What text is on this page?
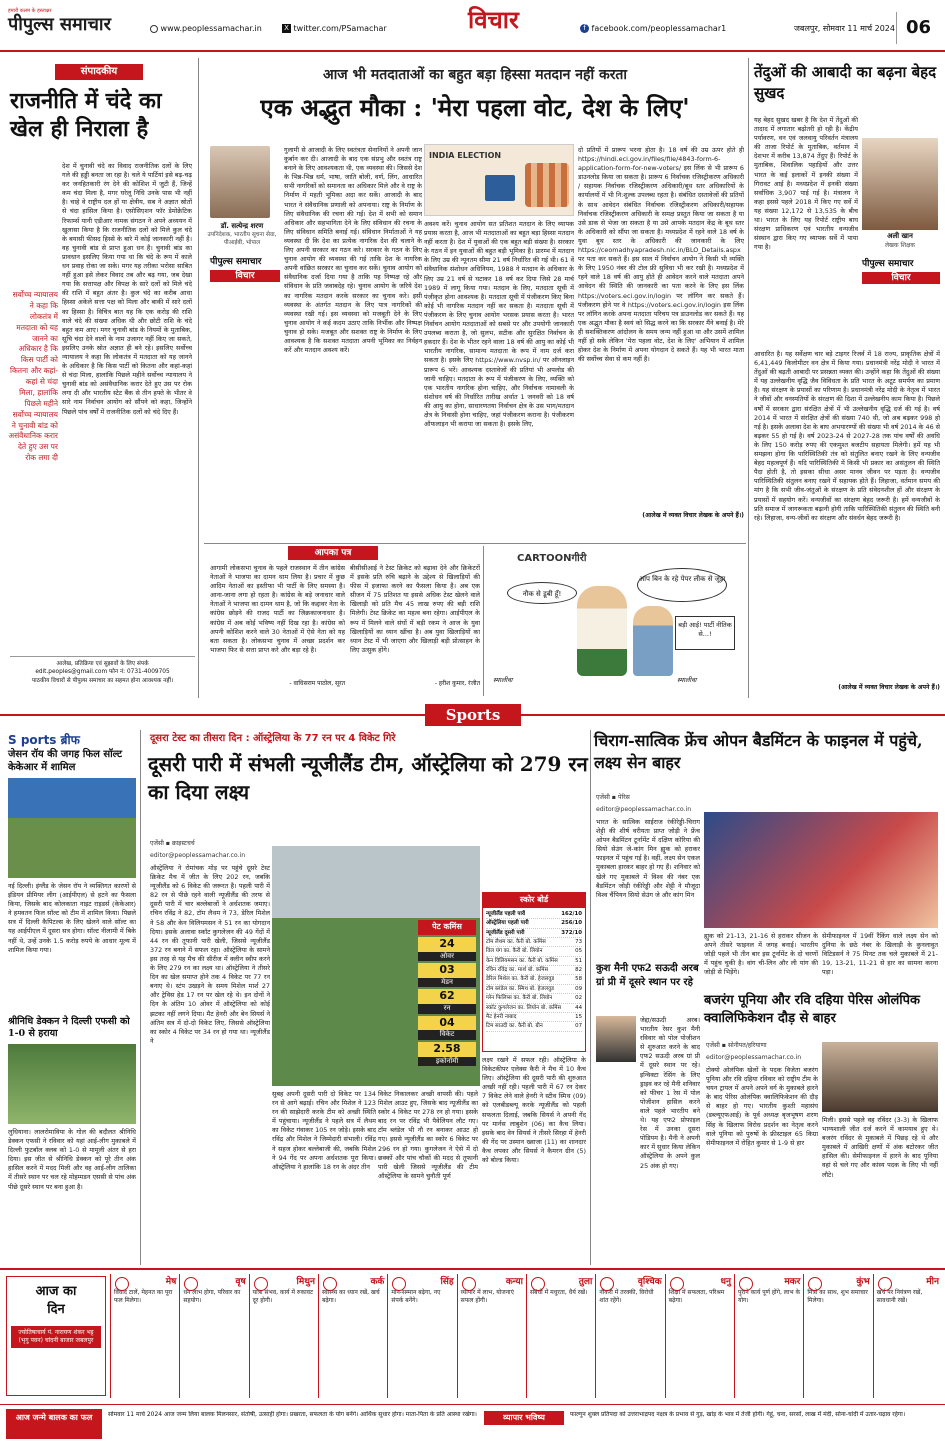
हमारी कलम के हस्ताक्षर
पीपुल्स समाचार	www.peoplessamachar.in	X twitter.com/PSamachar	विचार	f facebook.com/peoplessamachar1	जबलपुर, सोमवार 11 मार्च 2024 06
संपादकीय
राजनीति में चंदे का खेल ही निराला है
देश में चुनावी चंदे का विवाद राजनीतिक दलों के लिए गले की हड्डी बनता जा रहा है। चले ये पार्टियां इसे बढ़-चढ़ कर जनहितकारी रंग देने की कोशिश में जुटी हैं, जिन्हें कम चंदा मिला है, मगर घरेलू निधि उनके पास भी नहीं है। चाहे वे राष्ट्रीय दल हों या क्षेत्रीय, सब ने अज्ञात स्रोतों से चंदा हासिल किया है। एसोसिएशन फॉर डेमोक्रेटिक रिफार्म्स यानी एडीआर नामक संगठन ने अपने अध्ययन में खुलासा किया है कि राजनीतिक दलों को मिले कुल चंदे के बयासी फीसद हिस्से के बारे में कोई जानकारी नहीं है। वह चुनावी बांड से प्राप्त हुआ धन है। चुनावी बांड का प्रावधान इसलिए किया गया था कि चंदे के रूप में काले धन प्रवाह रोका जा सके। मगर यह तरीका भरोसा साबित नहीं हुआ इसे लेकर विवाद तब और बढ़ गया, जब देखा गया कि सत्तापक्ष और विपक्ष के सारे दलों को मिले चंदे की राशि में बहुत अंतर है। कुल चंदे का करीब आधा हिस्सा अकेले सत्ता पक्ष को मिला और बाकी में सारे दलों का हिस्सा है। विचित्र बात यह कि एक करोड़ की राशि वाले चंदे की संख्या अधिक थी और छोटी राशि के चंदे बहुत कम आए। मगर चुनावी बांड के नियमों के मुताबिक, सूचि चंदा देने वालों के नाम उजागर नहीं किए जा सकते, इसलिए उनके स्रोत अज्ञात ही बने रहे। इसलिए सर्वोच्च न्यायालय ने कहा कि लोकतंत्र में मतदाता को यह जानने के अधिकार है कि किस पार्टी को कितना और कहां-कहां से चंदा मिला, हालांकि पिछले महीने सर्वोच्च न्यायालय ने चुनावी बांड को असंवैधानिक करार देते हुए उस पर रोक लगा दी और भारतीय स्टेट बैंक से तीन हफ्ते के भीतर वे सारे नाम निर्वाचन आयोग को सौंपने को कहा, जिन्होंने पिछले पांच वर्षों में राजनीतिक दलों को चंदे दिए हैं।
सर्वोच्च न्यायालय ने कहा कि लोकतंत्र में मतदाता को यह जानने का अधिकार है कि किस पार्टी को कितना और कहां-कहां से चंदा मिला, हालांकि पिछले महीने सर्वोच्च न्यायालय ने चुनावी बांड को असंवैधानिक करार देते हुए उस पर रोक लगा दी
आलेख, प्रतिक्रिया एवं सुझावों के लिए संपर्क
edit.peoples@gmail.com फोन नं: 0731-4009705
पाठकीय विचारों से पीपुल्स समाचार का सहमत होना आवश्यक नहीं।
आज भी मतदाताओं का बहुत बड़ा हिस्सा मतदान नहीं करता
एक अद्भुत मौका : 'मेरा पहला वोट, देश के लिए'
डॉ. सत्येन्द्र शरण
उपनिदेशक, भारतीय सूचना सेवा, पीआईबी, भोपाल
पीपुल्स समाचार
विचार
गुलामी से आजादी के लिए स्वतंत्रता सेनानियों ने अपनी जान कुर्बान कर दी। आजादी के बाद एक संप्रभु और स्वतंत्र राष्ट्र बनाने के लिए आवश्यकता थी, एक व्यवस्था की। जिससे देश के भिन्न-भिन्न धर्म, भाषा, जाति बोली, वर्ण, लिंग, आधारित सभी नागरिकों को समानता का अधिकार मिले और वे राष्ट्र के निर्माण में महती भूमिका अदा कर सकें। आजादी के बाद भारत ने संवैधानिक प्रणाली को अपनाया। राष्ट्र के निर्माण के लिए संवैधानिक की रचना की गई। देश में सभी को समान अधिकार और सहभागिता देने के लिए संविधान की रचना के लिए संविधान समिति बनाई गई। संविधान निर्माताओं ने यह व्यवस्था दी कि देश का प्रत्येक नागरिक देश की चलाने के लिए अपनी सरकार का गठन करे। सरकार के गठन के लिए चुनाव आयोग की व्यवस्था की गई ताकि देश के नागरिक अपनी वांछित सरकार का चुनाव कर सकें। चुनाव आयोग को संवैधानिक दर्जा दिया गया है ताकि यह निष्पक्ष रहे और संविधान के प्रति जवाबदेह रहे। चुनाव आयोग के जरिये देश का नागरिक मतदान करके सरकार का चुनाव करे। इसी व्यवस्था के अंतर्गत मतदान के लिए पात्र नागरिकों की व्यवस्था रखी गई। इस व्यवस्था को मजबूती देने के लिए चुनाव आयोग ने कई कदम उठाए ताकि निर्भीक और निष्पक्ष चुनाव हो सके। मजबूत और सशक्त राष्ट्र के निर्माण के लिए आवश्यक है कि सशक्त मतदाता अपनी भूमिका का निर्वहन करें और मतदान अवश्य करें।
INDIA ELECTION
अवश्य करें। चुनाव आयोग सत प्रतिशत मतदान के लिए व्यापक प्रयास करता है, आज भी मतदाताओं का बहुत बड़ा हिस्सा मतदान नहीं करता है। देश में युवाओं की एक बहुत बड़ी संख्या है। सरकार के गठन में इन युवाओं की बहुत बड़ी भूमिका है। प्रारम्भ में मतदान के लिए उम्र की न्यूनतम सीमा 21 वर्ष निर्धारित की गई थी। 61 वें संवैधानिक संशोधन अधिनियम, 1988 ने मतदान के अधिकार के लिए उम्र 21 वर्ष से घटाकर 18 वर्ष कर दिया जिसे 28 मार्च 1989 में लागू किया गया। मतदान के लिए, मतदाता सूची में पंजीकृत होना आवश्यक है। मतदाता सूची में पंजीकरण किए बिना कोई भी नागरिक मतदान नहीं कर सकता है। मतदाता सूची में पंजीकरण के लिए चुनाव आयोग भरसक प्रयास करता है। भारत निर्वाचन आयोग मतदाताओं को सबसे पर और उपयोगी जानकारी उपलब्ध कराता है, जो सुलभ, सटीक और सुरक्षित निर्वाचन के हकदार हैं। देश के भीतर रहने वाला 18 वर्ष की आयु का कोई भी भारतीय नागरिक, सामान्य मतदाता के रूप में नाम दर्ज करा सकता है। इसके लिए https://www.nvsp.in/ पर ऑनलाइन प्रारूप 6 भरें। आवश्यक दस्तावेजों की प्रतियां भी अपलोड की जानी चाहिए। मतदाता के रूप में पंजीकरण के लिए, व्यक्ति को एक भारतीय नागरिक होना चाहिए, और निर्वाचक नामावली के संशोधन वर्ष की निर्धारित तारीख अर्थात 1 जनवरी को 18 वर्ष की आयु का होना, साधारणतया निर्वाचन क्षेत्र के उस भाग/मतदान क्षेत्र के निवासी होना चाहिए, जहां पंजीकरण कराना है। पंजीकरण ऑफलाइन भी कराया जा सकता है। इसके लिए,
दो प्रतियों में प्रारूप भरना होता है। 18 वर्ष की उम्र ऊपर होते ही https://hindi.eci.gov.in/files/file/4843-form-6-application-form-for-new-voters/ इस लिंक से भी प्रारूप 6 डाउनलोड किया जा सकता है। प्रारूप 6 निर्वाचक रजिस्ट्रीकरण अधिकारी / सहायक निर्वाचक रजिस्ट्रीकरण अधिकारी/बूथ स्तर अधिकारियों के कार्यालयों में भी नि:शुल्क उपलब्ध रहता है। संबंधित दस्तावेजों की प्रतियों के साथ आवेदन संबंधित निर्वाचक रजिस्ट्रीकरण अधिकारी/सहायक निर्वाचक रजिस्ट्रीकरण अधिकारी के समक्ष प्रस्तुत किया जा सकता है या उसे डाक से भेजा जा सकता है या उसे आपके मतदान केंद्र के बूथ स्तर के अधिकारी को सौंपा जा सकता है। मध्यप्रदेश में रहने वाले 18 वर्ष के युवा बूथ स्तर के अधिकारी की जानकारी के लिए https://ceomadhyapradesh.nic.in/BLO_Details.aspx पर पता कर सकते हैं। इस साल में निर्वाचन आयोग ने किसी भी व्यक्ति के लिए 1950 नंबर की टोल फ्री सुविधा भी कर रखी है। मध्यप्रदेश में रहने वाले 18 वर्ष की आयु होते ही आवेदन करने वाले मतदाता अपने आवेदन की स्थिति की जानकारी का पता करने के लिए इस लिंक https://voters.eci.gov.in/login पर लॉगिन कर सकते हैं। पंजीकरण होने पर वे https://voters.eci.gov.in/login इस लिंक पर लॉगिन करके अपना मतदाता परिचय पत्र डाउनलोड कर सकते हैं। यह एक अद्भुत मौका है स्वयं को सिद्ध करने का कि सरकार मैंने बनाई है। मेरे ही सशक्तिकरण आंदोलन के समय जन्म नहीं हुआ था और उसमें शामिल नहीं हो सके लेकिन 'मेरा पहला वोट, देश के लिए' अभियान में शामिल होकर देश के निर्माण में अपना योगदान दे सकते हैं। यह भी भारत माता की सर्वोच्च सेवा से कम नहीं है।
(आलेख में व्यक्त विचार लेखक के अपने हैं।)
आपका पत्र
आगामी लोकसभा चुनाव के पहले राजस्थान में तीन कांग्रेस नेताओं ने भाजपा का दामन थाम लिया है। प्रचार में कुछ आदिम नेताओं का इस्तीफा भी पार्टी के लिए समस्या है। आना-जाना लगा हो रहता है। कांग्रेस के बड़े जनाधार वाले नेताओं ने भाजपा का दामन थाम है, जो कि कद्दावर नेता के कांग्रेस छोड़ने की राजद पार्टी का जिक्रकाजनाधार है। कांग्रेस में अब कोई भविष्य नहीं दिख रहा है। कांग्रेस को अपनी कोशिश करने वाले 30 नेताओं में ऐसे नेता को यह बता सकता है। लोकसभा चुनाव में अच्छा प्रदर्शन कर भाजपा फिर से सत्ता प्राप्त करे और बड़ा रहे है।
- वाधिसराम पाठोल, सूरत
बीसीसीआई ने टेस्ट क्रिकेट को बढ़ावा देने और क्रिकेटरों में इसके प्रति रुचि बढ़ाने के उद्देश्य से खिलाड़ियों की फीस में इजाफा करने का फैसला किया है। अब एक सीजन में 75 प्रतिशत या इससे अधिक टेस्ट खेलने वाले खिलाड़ी को प्रति मैच 45 लाख रुपए की बड़ी राशि मिलेगी। टेस्ट क्रिकेट का महत्व बना रहेगा। आईपीएल के रूप में मिलने वाले संघों में बड़ी रकम ने आज के युवा खिलाड़ियों का ध्यान खींचा है। अब युवा खिलाड़ियों का ध्यान टेस्ट में भी जाएगा और खिलाड़ी बड़ी प्रोत्साहन के लिए उत्सुक होंगे।
- हरीश कुमार, रंजीत
CARTOONगीरी
नौक से डूबी हूँ!
आप बिन के रहे पेपर लीक से जूझ
बड़ी आई! पार्टी नीतिक से...!
स्मालीवा	स्मालीवा
तेंदुओं की आबादी का बढ़ना बेहद सुखद
यह बेहद सुखद खबर है कि देश में तेंदुओं की तादाद में लगातार बढ़ोतरी हो रही है। केंद्रीय पर्यावरण, वन एवं जलवायु परिवर्तन मंत्रालय की ताजा रिपोर्ट के मुताबिक, वर्तमान में देशभर में करीब 13,874 तेंदुए हैं। रिपोर्ट के मुताबिक, शिवालिक पहाड़ियों और उत्तर भारत के कई इलाकों में इनकी संख्या में गिरावट आई है। मध्यप्रदेश में इनकी संख्या सर्वाधिक 3,907 पाई गई है। मंत्रालय ने कहा इससे पहले 2018 में किए गए सर्वे में यह संख्या 12,172 से 13,535 के बीच था। भारत के लिए यह रिपोर्ट राष्ट्रीय बाघ संरक्षण प्राधिकरण एवं भारतीय वन्यजीव संस्थान द्वारा किए गए व्यापक सर्वे में पाया गया है।
अली खान
लेखक शिक्षक
पीपुल्स समाचार
विचार
आधारित है। यह सर्वेक्षण चार बड़े टाइगर रिजर्व में 18 राज्य, प्राकृतिक क्षेत्रों में 6,41,449 किलोमीटर वन क्षेत्र में किया गया। प्रधानमंत्री नरेंद्र मोदी ने भारत में तेंदुओं की बढ़ती आबादी पर प्रसन्नता व्यक्त की। उन्होंने कहा कि तेंदुओं की संख्या में यह उल्लेखनीय वृद्धि जैव विविधता के प्रति भारत के अटूट समर्पण का प्रमाण है। यह संरक्षण के प्रयासों का परिणाम है। प्रधानमंत्री नरेंद्र मोदी के नेतृत्व में भारत ने जीवों और वनस्पतियों के संरक्षण की दिशा में उल्लेखनीय काम किया है। पिछले वर्षों में सरकार द्वारा संरक्षित क्षेत्रों में भी उल्लेखनीय वृद्धि दर्ज की गई है। वर्ष 2014 में भारत में संरक्षित क्षेत्रों की संख्या 740 थी, जो अब बढ़कर 998 हो गई है। इसके अलावा देश के बाघ अभयारण्यों की संख्या भी वर्ष 2014 के 46 से बढ़कर 55 हो गई है। वर्ष 2023-24 से 2027-28 तक पांच वर्षों की अवधि के लिए 150 करोड़ रुपए की एकमुश्त बजटीय सहायता मिलेगी। हमें यह भी समझना होगा कि पारिस्थितिकी तंत्र को संतुलित बनाए रखने के लिए वन्यजीव बेहद महत्वपूर्ण हैं। यदि पारिस्थितिकी में किसी भी प्रकार का असंतुलन की स्थिति पैदा होती है, तो इसका सीधा असर मानव जीवन पर पड़ता है। वन्यजीव पारिस्थितिकी संतुलन बनाए रखने में सहायक होते हैं। लिहाजा, वर्तमान समय की मांग है कि सभी जीव-जंतुओं के संरक्षण के प्रति संवेदनशील हों और संरक्षण के प्रयासों में सहयोग करें। वन्यजीवों का संरक्षण बेहद जरूरी है। हमें वन्यजीवों के प्रति समाज में जागरूकता बढ़ानी होगी ताकि पारिस्थितिकी संतुलन की स्थिति बनी रहे। लिहाजा, वन्य-जीवों का संरक्षण और संवर्धन बेहद जरूरी है।
(आलेख में व्यक्त विचार लेखक के अपने हैं।)
Sports
S ports ब्रीफ
जेसन रॉय की जगह फिल सॉल्ट केकेआर में शामिल
नई दिल्ली। इंग्लैंड के जेसन रॉय ने व्यक्तिगत कारणों से इंडियन प्रीमियर लीग (आईपीएल) से हटने का फैसला किया, जिसके बाद कोलकाता नाइट राइडर्स (केकेआर) ने हमवतन फिल सॉल्ट को टीम में शामिल किया। पिछले सत्र में दिल्ली कैपिटल्स के लिए खेलने वाले सॉल्ट का यह आईपीएल में दूसरा सत्र होगा। सॉल्ट नीलामी में बिके नहीं थे, उन्हें उनके 1.5 करोड़ रुपये के आधार मूल्य में शामिल किया गया।
श्रीनिधि डेक्कन ने दिल्ली एफसी को 1-0 से हराया
लुधियाना। लालरोमाविया के गोल की बदौलत श्रीनिधि डेक्कन एफसी ने रविवार को यहां आई-लीग मुकाबले में दिल्ली फुटबॉल क्लब को 1-0 से मामूली अंतर से हरा दिया। इस जीत से श्रीनिधि डेक्कन को पूरे तीन अंक हासिल करने में मदद मिली और वह आई-लीग तालिका में तीसरे स्थान पर चल रहे मोहम्मडन एससी से पांच अंक पीछे दूसरे स्थान पर बना हुआ है।
दूसरा टेस्ट का तीसरा दिन : ऑस्ट्रेलिया के 77 रन पर 4 विकेट गिरे
दूसरी पारी में संभली न्यूजीलैंड टीम, ऑस्ट्रेलिया को 279 रन का दिया लक्ष्य
एजेंसी ▪ क्राइस्टचर्च
editor@peoplessamachar.co.in
ऑस्ट्रेलिया ने रोमांचक मोड़ पर पहुंचे दूसरे टेस्ट क्रिकेट मैच में जीत के लिए 202 रन, जबकि न्यूजीलैंड को 6 विकेट की जरूरत है। पहली पारी में 82 रन से पीछे रहने वाली न्यूजीलैंड की तरफ से दूसरी पारी में चार बल्लेबाजों ने अर्धशतक जमाए। रचिन रविंद्र ने 82, टॉम लैथम ने 73, डेरिल मिशेल ने 58 और केन विलियमसन ने 51 रन का योगदान दिया। इसके अलावा स्कॉट कुगलेजन की 49 गेंदों में 44 रन की तूफानी पारी खेली, जिससे न्यूजीलैंड 372 रन बनाने में सफल रहा। ऑस्ट्रेलिया के सामने इस तरह से यह मैच की सीरीज में क्लीन स्वीप करने के लिए 279 रन का लक्ष्य था। ऑस्ट्रेलिया ने तीसरे दिन का खेल समाप्त होने तक 4 विकेट पर 77 रन बनाए थे। स्टंप उखड़ने के समय मिशेल मार्श 27 और ट्रेविस हेड 17 रन पर खेल रहे थे। इन दोनों ने दिन के अंतिम 10 ओवर में ऑस्ट्रेलिया को कोई झटका नहीं लगने दिया। मैट हेनरी और बेन सियर्स ने अंतिम सत्र में दो-दो विकेट लिए, जिससे ऑस्ट्रेलिया का स्कोर 4 विकेट पर 34 रन हो गया था। न्यूजीलैंड ने
पेट कमिंस
24
ओवर
03
मेडन
62
रन
04
विकेट
2.58
इकोनॉमी
सुबह अपनी दूसरी पारी दो विकेट पर 134 रन से आगे बढ़ाई। रचिन और मिशेल ने 123 रन की साझेदारी करके टीम को अच्छी स्थिति में पहुंचाया। न्यूजीलैंड ने पहले सत्र में लैथम का विकेट गंवाकर 105 रन जोड़े। इसके बाद रविंद्र और मिशेल ने जिम्मेदारी संभाली। रविंद्र ने सहज होकर बल्लेबाजी की, जबकि मिशेल ने 94 गेंद पर अपना अर्धशतक पूरा किया। ऑस्ट्रेलिया ने हालांकि 18 रन के अंदर तीन
विकेट निकालकर अच्छी वापसी की। पहले मिशेल आउट हुए, जिसके बाद न्यूजीलैंड का स्कोर 4 विकेट पर 278 रन हो गया। इसके बाद रन पर रविंद्र भी पैवेलियन लौट गए। टॉम ब्लंडेल भी नौ रन बनाकर आउट हो गए। इससे न्यूजीलैंड का स्कोर 6 विकेट पर 296 रन हो गया। कुगलेजन ने ऐसे में दो छक्कों और पांच चौकों की मदद से तूफानी पारी खेली जिससे न्यूजीलैंड की टीम ऑस्ट्रेलिया के सामने चुनौती पूर्ण
स्कोर बोर्ड
न्यूजीलैंड पहली पारी	162/10
ऑस्ट्रेलिया पहली पारी	256/10
न्यूजीलैंड दूसरी पारी	372/10
टॉम लैथम का. कैरी बो. कमिंस	73
विल यंग का. कैरी बो. लियोन	05
केन विलियमसन का. कैरी बो. कमिंस	51
रचिन रविंद्र का. मार्श बो. कमिंस	82
डेरिल मिशेल का. कैरी बो. हेजलवुड	58
टॉम ब्लंडेल का. स्मिथ बो. हेजलवुड	09
ग्लेन फिलिप्स का. कैरी बो. लियोन	02
स्कॉट कुगलेजन का. लियोन बो. कमिंस	44
मैट हेनरी नाबाद	15
टिम साउदी का. कैरी बो. ग्रीन	07
लक्ष्य रखने में सफल रही। ऑस्ट्रेलिया के विकेटकीपर एलेक्स कैरी ने मैच में 10 कैच लिए। ऑस्ट्रेलिया की दूसरी पारी की शुरुआत अच्छी नहीं रही। पहली पारी में 67 रन देकर 7 विकेट लेने वाले हेनरी ने स्टीव स्मिथ (09) को एलबीडब्ल्यू करके न्यूजीलैंड को पहली सफलता दिलाई, जबकि सियर्स ने अपनी गेंद पर मार्नस लाबुशेन (06) का कैच लिया। इसके बाद वेन सियर्स ने तीसरे सिरहा में हेनरी की गेंद पर उस्मान ख्वाजा (11) का शानदार कैच लपका और सियर्स ने कैमरन ग्रीन (5) को बोल्ड किया।
चिराग-सात्विक फ्रेंच ओपन बैडमिंटन के फाइनल में पहुंचे, लक्ष्य सेन बाहर
एजेंसी ▪ पेरिस
editor@peoplessamachar.co.in
भारत के सात्विक साईराज रंकीरेड्डी-चिराग शेट्टी की शीर्ष वरीयता प्राप्त जोड़ी ने फ्रेंच ओपन बैडमिंटन टूर्नामेंट में दक्षिण कोरिया की सियो सेउंग जे-कांग मिन ह्युक को हराकर फाइनल में पहुंच गई है। वहीं, लक्ष्य सेन एकल मुकाबला हारकर बाहर हो गए हैं। शनिवार को खेले गए मुकाबले में विश्व की नंबर एक बैडमिंटन जोड़ी रंकीरेड्डी और शेट्टी ने मौजूदा विश्व चैंपियन सियो सेउंग जे और कांग मिन
ह्युक को 21-13, 21-16 से हराकर सीजन के अपने तीसरे फाइनल में जगह बनाई। भारतीय जोड़ी पहले भी तीन बार इस टूर्नामेंट के दो चरणों में पहुंच चुकी है। वांग ची-लिन और ली यांग की जोड़ी से भिड़ेंगे।
सेमीफाइनल में 19वीं रैंकिंग वाले लक्ष्य सेन को दुनिया के छठे नंबर के खिलाड़ी के कुनलावुत विटिडसर्न ने 75 मिनट तक चले मुकाबले में 21-19, 13-21, 11-21 से हार का सामना करना पड़ा।
कुश मैनी एफ2 सऊदी अरब ग्रां प्री में दूसरे स्थान पर रहे
जेद्दा/सऊदी अरब। भारतीय रेसर कुश मैनी रविवार को पोल पोजीशन से शुरुआत करने के बाद एफ2 सऊदी अरब ग्रां प्री में दूसरे स्थान पर रहे। इन्विक्टा रेसिंग के लिए ड्राइव कर रहे मैनी शनिवार को फीचर 1 रेस में पोल पोजीशन हासिल करने वाले पहले भारतीय बने थे। यह एफ2 प्रोफाइल रेस में उनका दूसरा पोडियम है। मैनी ने अपनी कार में सुधार किया लेकिन ऑस्ट्रेलिया के अपने कुल 25 अंक हो गए।
बजरंग पूनिया और रवि दहिया पेरिस ओलंपिक क्वालिफिकेशन दौड़ से बाहर
एजेंसी ▪ सोनीपत/हरियाणा
editor@peoplessamachar.co.in
टोक्यो ओलंपिक खेलों के पदक विजेता बजरंग पूनिया और रवि दहिया रविवार को राष्ट्रीय टीम के चयन ट्रायल में अपने अपने वर्ग के मुकाबले हारने के बाद पेरिस ओलंपिक क्वालिफिकेशन की दौड़ से बाहर हो गए। भारतीय कुश्ती महासंघ (डब्ल्यूएफआई) के पूर्व अध्यक्ष बृजभूषण शरण सिंह के खिलाफ विरोध प्रदर्शन का नेतृत्व करने वाले पूनिया को पुरुषों के फ्रीस्टाइल 65 किग्रा सेमीफाइनल में रोहित कुमार से 1-9 से हार
मिली। इससे पहले वह रविंदर (3-3) के खिलाफ भाग्यशाली जीत दर्ज करने में कामयाब हुए थे। बजरंग रविंदर से मुकाबले में पिछड़ रहे थे और मुकाबले में आखिरी क्षणों में अंक बटोरकर जीत हासिल की। सेमीफाइनल में हारने के बाद पूनिया वहां से चले गए और कांस्य पदक के लिए भी नहीं लौटे।
आज का
दिन
ज्योतिषाचार्य पं. नारायण शंकर भट्ट (भृगु पवन) चांदनी बाजार जबलपुर
मेष
विवाद टालें, मेहनत का पूरा फल मिलेगा।
वृष
धन लाभ होगा, परिवार का सहयोग।
मिथुन
यात्रा संभव, कार्य में रुकावट दूर होगी।
कर्क
स्वास्थ्य का ध्यान रखें, खर्च बढ़ेगा।
सिंह
मान-सम्मान बढ़ेगा, नए संपर्क बनेंगे।
कन्या
व्यापार में लाभ, योजनाएं सफल होंगी।
तुला
संबंधों में मधुरता, धैर्य रखें।
वृश्चिक
नौकरी में तरक्की, विरोधी शांत रहेंगे।
धनु
शिक्षा में सफलता, परिश्रम बढ़ेगा।
मकर
पुराने कार्य पूर्ण होंगे, लाभ के योग।
कुंभ
मित्रों का साथ, शुभ समाचार मिलेगा।
मीन
खर्च पर नियंत्रण रखें, सावधानी रखें।
आज जन्मे बालक का फल	सोमवार 11 मार्च 2024 आज जन्म लिया बालक मिलनसार, संतोषी, उत्साही होगा। प्रखरता, सफलता के योग बनेंगे। आर्थिक सुधार होगा। माता-पिता के प्रति आस्था रखेगा।	व्यापार भविष्य	फाल्गुन शुक्ल प्रतिपदा को उत्तराभाद्रपद नक्षत्र के प्रभाव से गुड़, खांड़ के भाव में तेजी होगी। गेहूं, चना, सरसों, लाख में मंदी, सोना-चांदी में उतार-चढ़ाव रहेगा।
